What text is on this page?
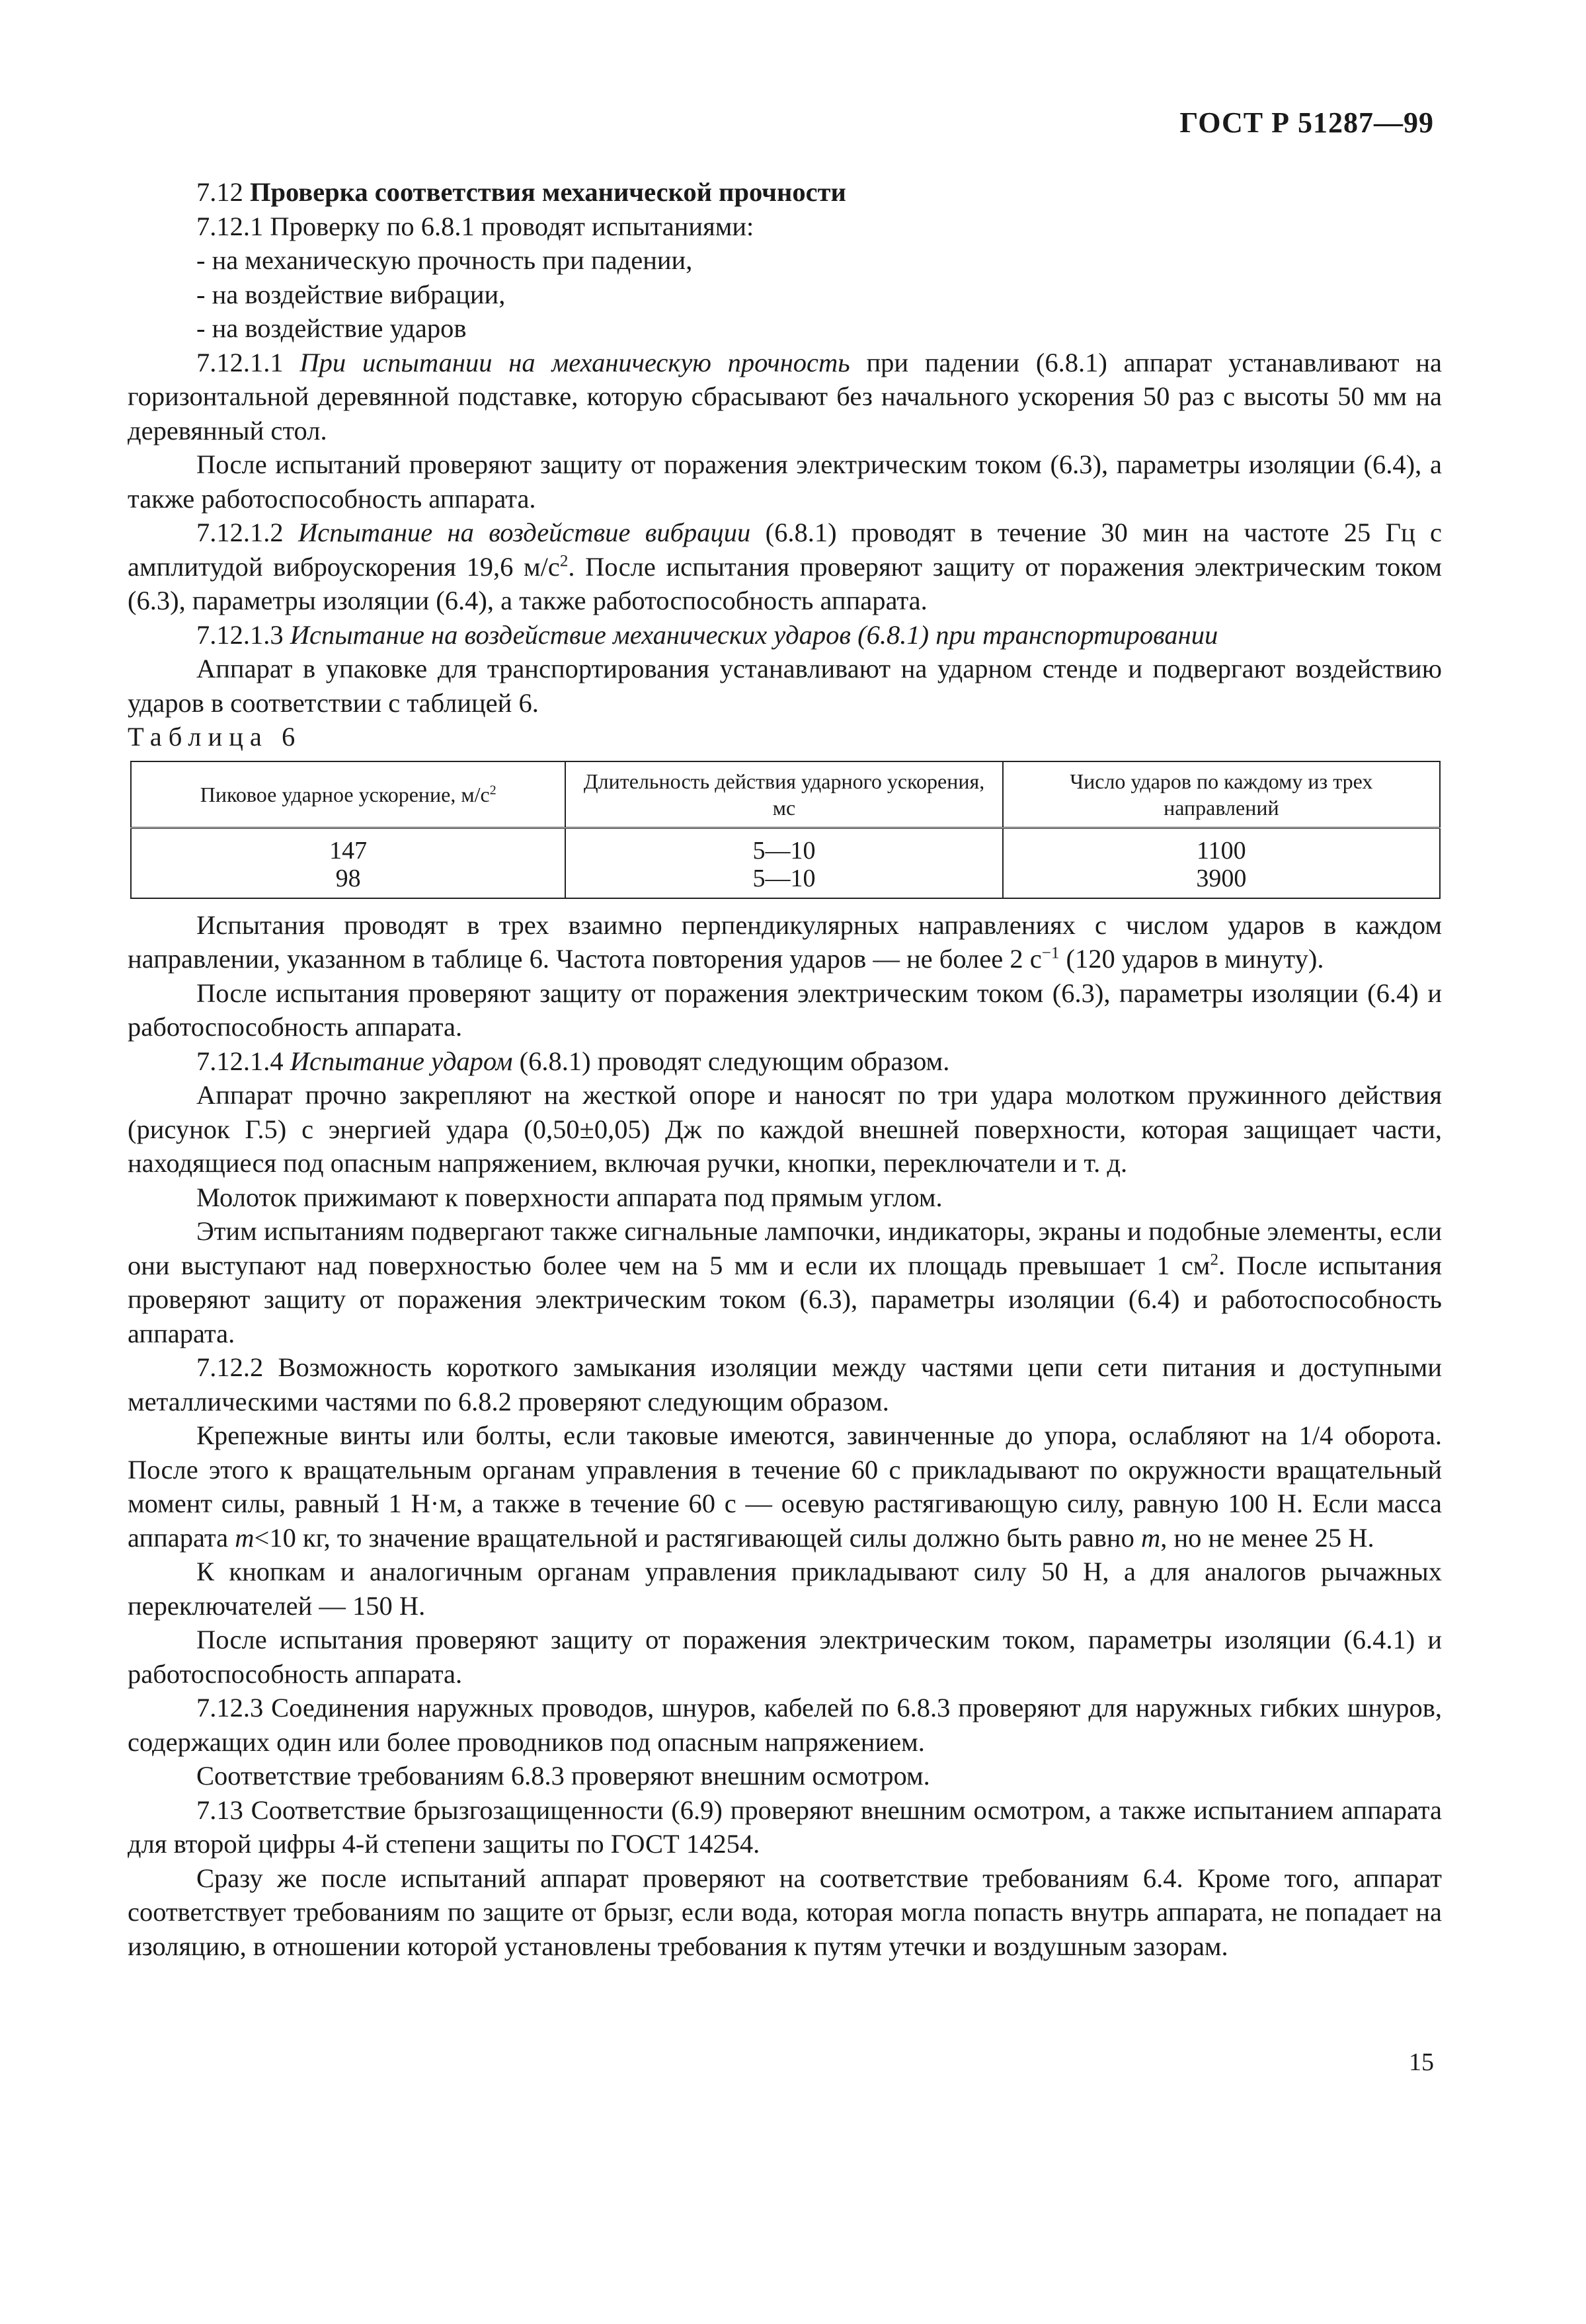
ГОСТ Р 51287—99

7.12 Проверка соответствия механической прочности

7.12.1 Проверку по 6.8.1 проводят испытаниями:

- на механическую прочность при падении,

- на воздействие вибрации,

- на воздействие ударов

7.12.1.1 При испытании на механическую прочность при падении (6.8.1) аппарат устанавливают на горизонтальной деревянной подставке, которую сбрасывают без начального ускорения 50 раз с высоты 50 мм на деревянный стол.

После испытаний проверяют защиту от поражения электрическим током (6.3), параметры изоляции (6.4), а также работоспособность аппарата.

7.12.1.2 Испытание на воздействие вибрации (6.8.1) проводят в течение 30 мин на частоте 25 Гц с амплитудой виброускорения 19,6 $м/с^2$. После испытания проверяют защиту от поражения электрическим током (6.3), параметры изоляции (6.4), а также работоспособность аппарата.

7.12.1.3 Испытание на воздействие механических ударов (6.8.1) при транспортировании

Аппарат в упаковке для транспортирования устанавливают на ударном стенде и подвергают воздействию ударов в соответствии с таблицей 6.

Таблица 6

Пиковое ударное ускорение, $м/с^2$	Длительность действия ударного ускорения, мс	Число ударов по каждому из трех направлений
147	5—10	1100
98	5—10	3900

Испытания проводят в трех взаимно перпендикулярных направлениях с числом ударов в каждом направлении, указанном в таблице 6. Частота повторения ударов — не более 2 $с^{-1}$ (120 ударов в минуту).

После испытания проверяют защиту от поражения электрическим током (6.3), параметры изоляции (6.4) и работоспособность аппарата.

7.12.1.4 Испытание ударом (6.8.1) проводят следующим образом.

Аппарат прочно закрепляют на жесткой опоре и наносят по три удара молотком пружинного действия (рисунок Г.5) с энергией удара (0,50±0,05) Дж по каждой внешней поверхности, которая защищает части, находящиеся под опасным напряжением, включая ручки, кнопки, переключатели и т. д.

Молоток прижимают к поверхности аппарата под прямым углом.

Этим испытаниям подвергают также сигнальные лампочки, индикаторы, экраны и подобные элементы, если они выступают над поверхностью более чем на 5 мм и если их площадь превышает 1 $см^2$. После испытания проверяют защиту от поражения электрическим током (6.3), параметры изоляции (6.4) и работоспособность аппарата.

7.12.2 Возможность короткого замыкания изоляции между частями цепи сети питания и доступными металлическими частями по 6.8.2 проверяют следующим образом.

Крепежные винты или болты, если таковые имеются, завинченные до упора, ослабляют на 1/4 оборота. После этого к вращательным органам управления в течение 60 с прикладывают по окружности вращательный момент силы, равный 1 Н·м, а также в течение 60 с — осевую растягивающую силу, равную 100 Н. Если масса аппарата m<10 кг, то значение вращательной и растягивающей силы должно быть равно m, но не менее 25 Н.

К кнопкам и аналогичным органам управления прикладывают силу 50 Н, а для аналогов рычажных переключателей — 150 Н.

После испытания проверяют защиту от поражения электрическим током, параметры изоляции (6.4.1) и работоспособность аппарата.

7.12.3 Соединения наружных проводов, шнуров, кабелей по 6.8.3 проверяют для наружных гибких шнуров, содержащих один или более проводников под опасным напряжением.

Соответствие требованиям 6.8.3 проверяют внешним осмотром.

7.13 Соответствие брызгозащищенности (6.9) проверяют внешним осмотром, а также испытанием аппарата для второй цифры 4-й степени защиты по ГОСТ 14254.

Сразу же после испытаний аппарат проверяют на соответствие требованиям 6.4. Кроме того, аппарат соответствует требованиям по защите от брызг, если вода, которая могла попасть внутрь аппарата, не попадает на изоляцию, в отношении которой установлены требования к путям утечки и воздушным зазорам.

15
